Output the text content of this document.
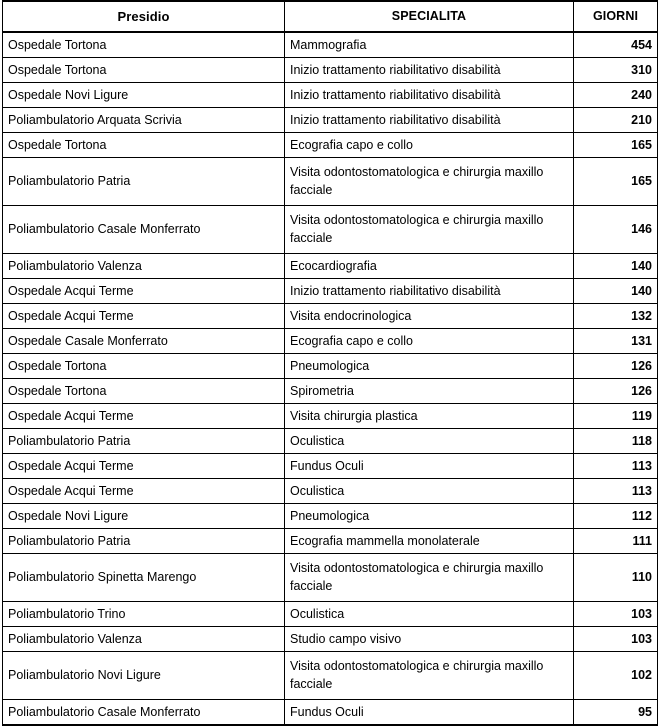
Presidio	SPECIALITA	GIORNI
Ospedale Tortona	Mammografia	454
Ospedale Tortona	Inizio trattamento riabilitativo disabilità	310
Ospedale Novi Ligure	Inizio trattamento riabilitativo disabilità	240
Poliambulatorio Arquata Scrivia	Inizio trattamento riabilitativo disabilità	210
Ospedale Tortona	Ecografia capo e collo	165
Poliambulatorio Patria	Visita odontostomatologica e chirurgia maxillo facciale	165
Poliambulatorio Casale Monferrato	Visita odontostomatologica e chirurgia maxillo facciale	146
Poliambulatorio Valenza	Ecocardiografia	140
Ospedale Acqui Terme	Inizio trattamento riabilitativo disabilità	140
Ospedale Acqui Terme	Visita endocrinologica	132
Ospedale Casale Monferrato	Ecografia capo e collo	131
Ospedale Tortona	Pneumologica	126
Ospedale Tortona	Spirometria	126
Ospedale Acqui Terme	Visita chirurgia plastica	119
Poliambulatorio Patria	Oculistica	118
Ospedale Acqui Terme	Fundus Oculi	113
Ospedale Acqui Terme	Oculistica	113
Ospedale Novi Ligure	Pneumologica	112
Poliambulatorio Patria	Ecografia mammella monolaterale	111
Poliambulatorio Spinetta Marengo	Visita odontostomatologica e chirurgia maxillo facciale	110
Poliambulatorio Trino	Oculistica	103
Poliambulatorio Valenza	Studio campo visivo	103
Poliambulatorio Novi Ligure	Visita odontostomatologica e chirurgia maxillo facciale	102
Poliambulatorio Casale Monferrato	Fundus Oculi	95
